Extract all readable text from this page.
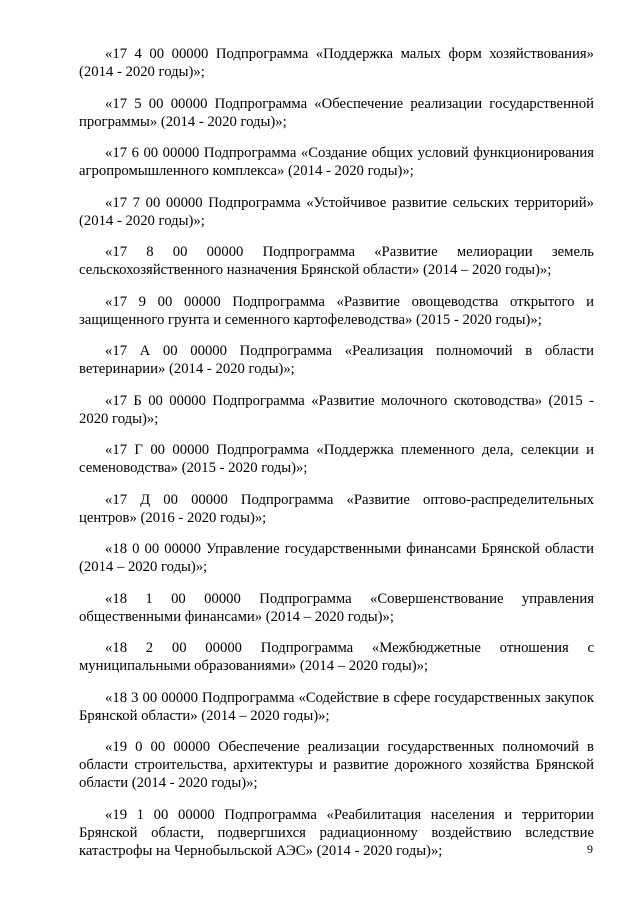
«17 4 00 00000 Подпрограмма «Поддержка малых форм хозяйствования» (2014 - 2020 годы)»;

«17 5 00 00000 Подпрограмма «Обеспечение реализации государственной программы» (2014 - 2020 годы)»;

«17 6 00 00000 Подпрограмма «Создание общих условий функционирования агропромышленного комплекса» (2014 - 2020 годы)»;

«17 7 00 00000 Подпрограмма «Устойчивое развитие сельских территорий» (2014 - 2020 годы)»;

«17 8 00 00000 Подпрограмма «Развитие мелиорации земель сельскохозяйственного назначения Брянской области» (2014 – 2020 годы)»;

«17 9 00 00000 Подпрограмма «Развитие овощеводства открытого и защищенного грунта и семенного картофелеводства» (2015 - 2020 годы)»;

«17 А 00 00000 Подпрограмма «Реализация полномочий в области ветеринарии» (2014 - 2020 годы)»;

«17 Б 00 00000 Подпрограмма «Развитие молочного скотоводства» (2015 - 2020 годы)»;

«17 Г 00 00000 Подпрограмма «Поддержка племенного дела, селекции и семеноводства» (2015 - 2020 годы)»;

«17 Д 00 00000 Подпрограмма «Развитие оптово-распределительных центров» (2016 - 2020 годы)»;

«18 0 00 00000 Управление государственными финансами Брянской области (2014 – 2020 годы)»;

«18 1 00 00000 Подпрограмма «Совершенствование управления общественными финансами» (2014 – 2020 годы)»;

«18 2 00 00000 Подпрограмма «Межбюджетные отношения с муниципальными образованиями» (2014 – 2020 годы)»;

«18 3 00 00000 Подпрограмма «Содействие в сфере государственных закупок Брянской области» (2014 – 2020 годы)»;

«19 0 00 00000 Обеспечение реализации государственных полномочий в области строительства, архитектуры и развитие дорожного хозяйства Брянской области (2014 - 2020 годы)»;

«19 1 00 00000 Подпрограмма «Реабилитация населения и территории Брянской области, подвергшихся радиационному воздействию вследствие катастрофы на Чернобыльской АЭС» (2014 - 2020 годы)»;	9
